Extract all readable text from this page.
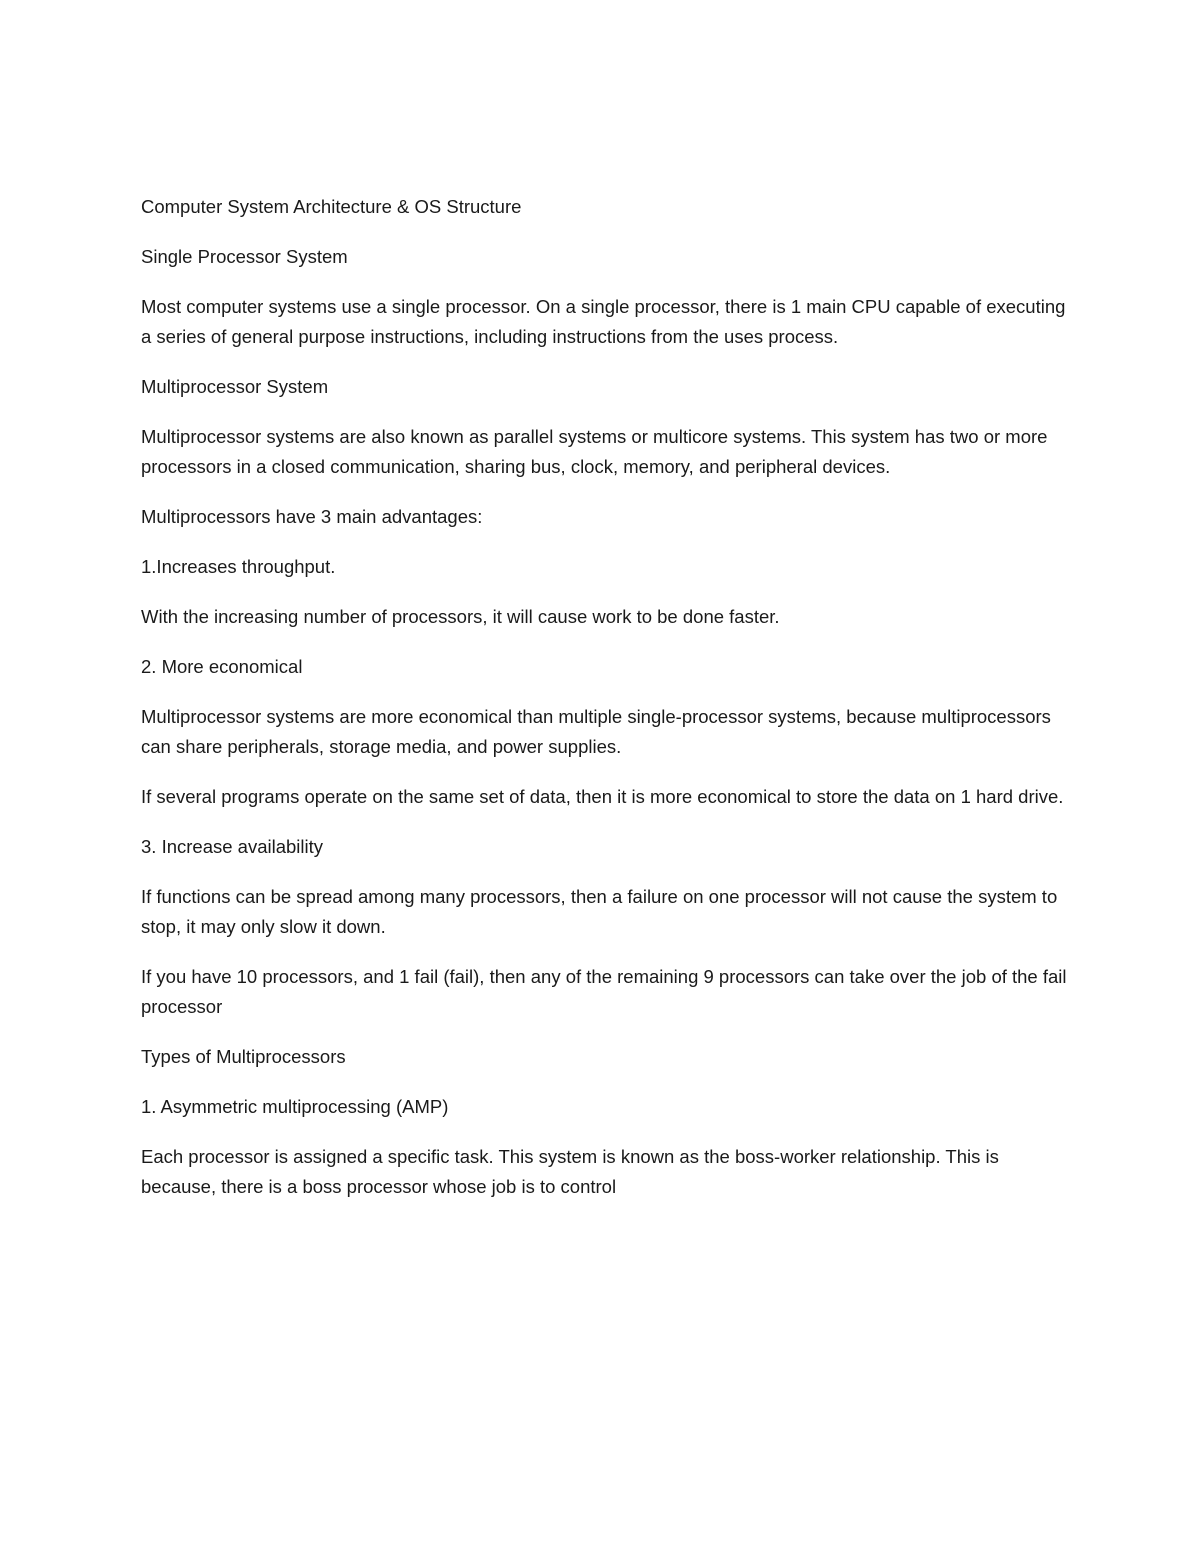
Computer System Architecture & OS Structure

Single Processor System

Most computer systems use a single processor. On a single processor, there is 1 main CPU capable of executing a series of general purpose instructions, including instructions from the uses process.

Multiprocessor System

Multiprocessor systems are also known as parallel systems or multicore systems. This system has two or more processors in a closed communication, sharing bus, clock, memory, and peripheral devices.

Multiprocessors have 3 main advantages:

1.Increases throughput.

With the increasing number of processors, it will cause work to be done faster.

2. More economical

Multiprocessor systems are more economical than multiple single-processor systems, because multiprocessors can share peripherals, storage media, and power supplies.

If several programs operate on the same set of data, then it is more economical to store the data on 1 hard drive.

3. Increase availability

If functions can be spread among many processors, then a failure on one processor will not cause the system to stop, it may only slow it down.

If you have 10 processors, and 1 fail (fail), then any of the remaining 9 processors can take over the job of the fail processor

Types of Multiprocessors

1. Asymmetric multiprocessing (AMP)

Each processor is assigned a specific task. This system is known as the boss-worker relationship. This is because, there is a boss processor whose job is to control
